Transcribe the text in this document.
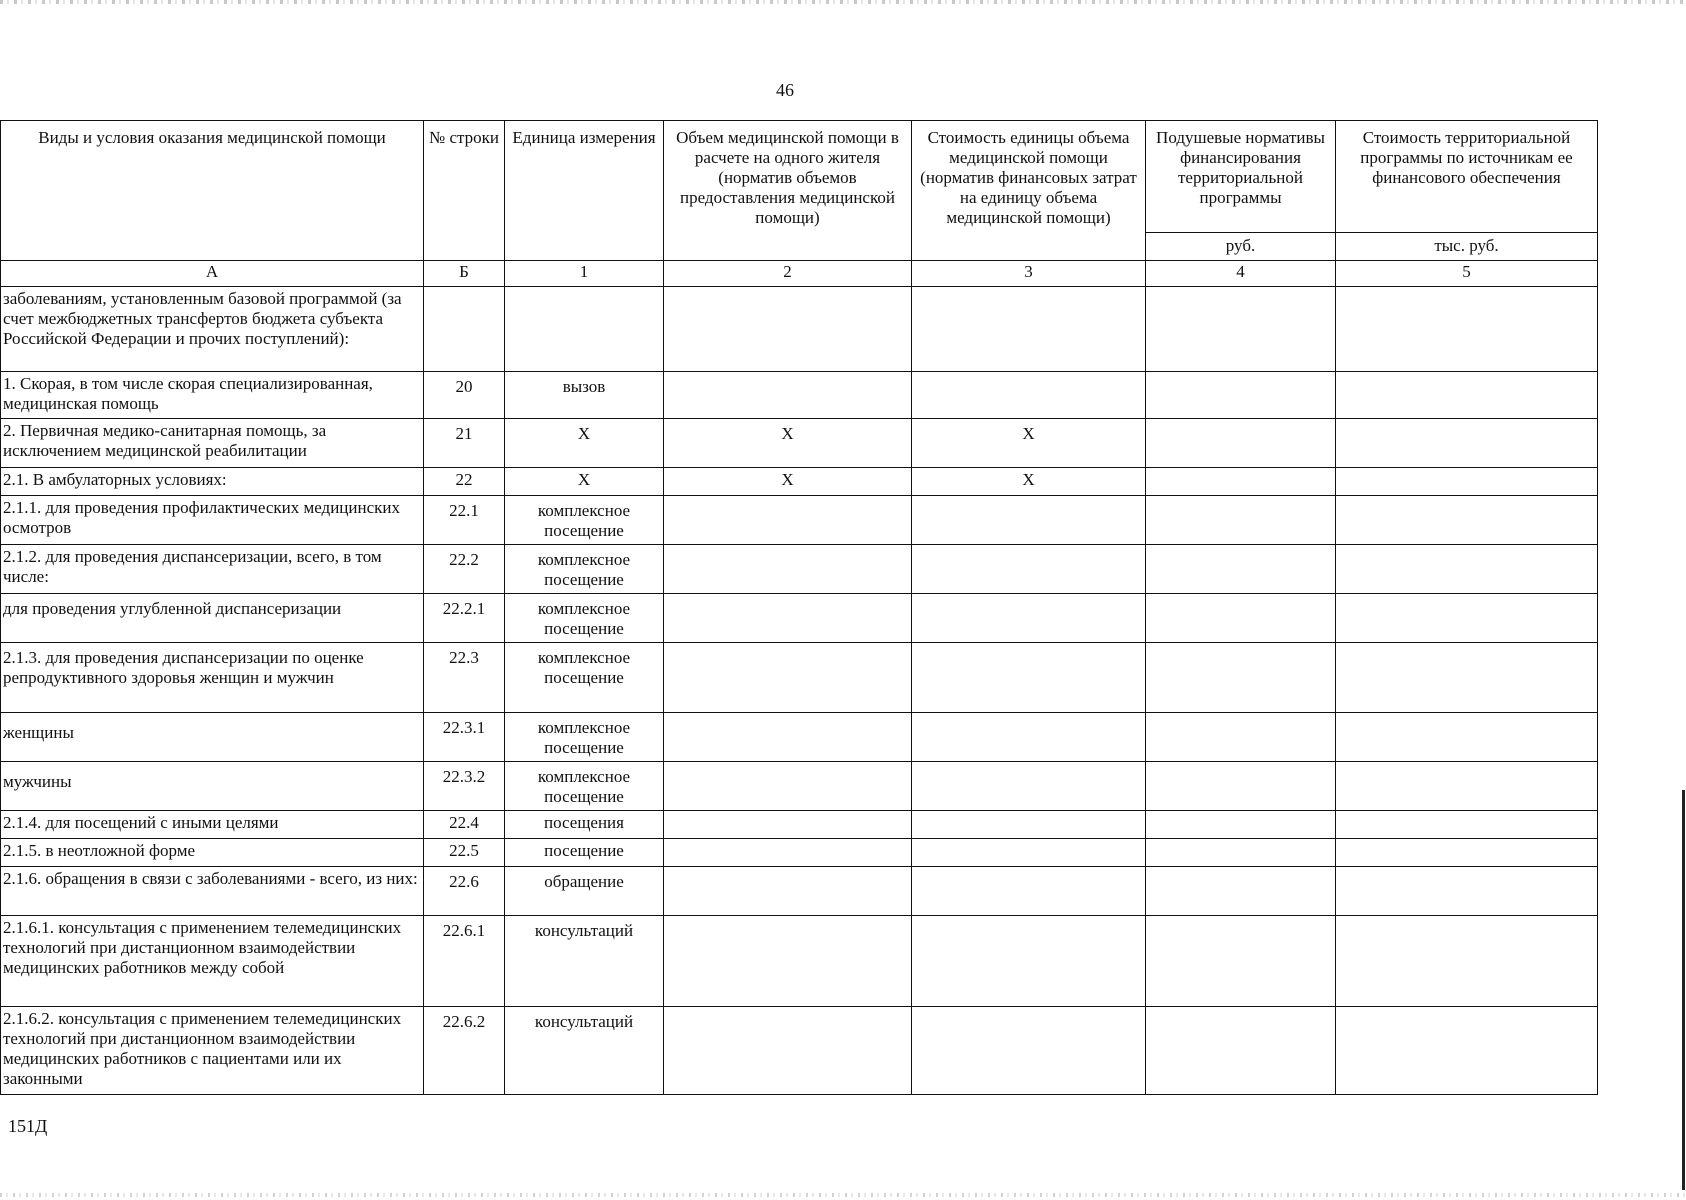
46
Виды и условия оказания медицинской помощи	№ строки	Единица измерения	Объем медицинской помощи в расчете на одного жителя (норматив объемов предоставления медицинской помощи)	Стоимость единицы объема медицинской помощи (норматив финансовых затрат на единицу объема медицинской помощи)	Подушевые нормативы финансирования территориальной программы	Стоимость территориальной программы по источникам ее финансового обеспечения
					руб.	тыс. руб.
А	Б	1	2	3	4	5
заболеваниям, установленным базовой программой (за счет межбюджетных трансфертов бюджета субъекта Российской Федерации и прочих поступлений):						
1. Скорая, в том числе скорая специализированная, медицинская помощь	20	вызов				
2. Первичная медико-санитарная помощь, за исключением медицинской реабилитации	21	Х	Х	Х		
2.1. В амбулаторных условиях:	22	Х	Х	Х		
2.1.1. для проведения профилактических медицинских осмотров	22.1	комплексное посещение				
2.1.2. для проведения диспансеризации, всего, в том числе:	22.2	комплексное посещение				
для проведения углубленной диспансеризации	22.2.1	комплексное посещение				
2.1.3. для проведения диспансеризации по оценке репродуктивного здоровья женщин и мужчин	22.3	комплексное посещение				
женщины	22.3.1	комплексное посещение				
мужчины	22.3.2	комплексное посещение				
2.1.4. для посещений с иными целями	22.4	посещения				
2.1.5. в неотложной форме	22.5	посещение				
2.1.6. обращения в связи с заболеваниями - всего, из них:	22.6	обращение				
2.1.6.1. консультация с применением телемедицинских технологий при дистанционном взаимодействии медицинских работников между собой	22.6.1	консультаций				
2.1.6.2. консультация с применением телемедицинских технологий при дистанционном взаимодействии медицинских работников с пациентами или их законными	22.6.2	консультаций				
151Д
